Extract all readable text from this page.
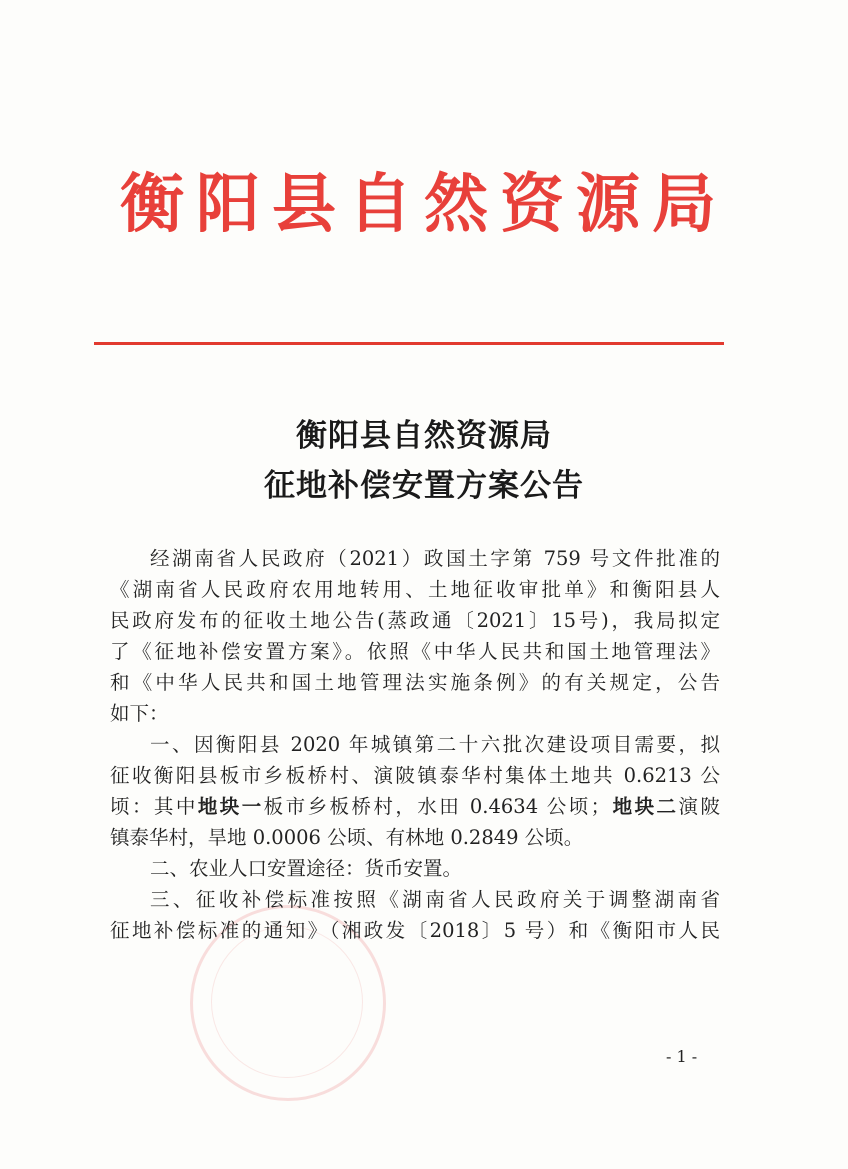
衡阳县自然资源局
衡阳县自然资源局
征地补偿安置方案公告
经湖南省人民政府（2021）政国土字第 759 号文件批准的
《湖南省人民政府农用地转用、土地征收审批单》和衡阳县人
民政府发布的征收土地公告(蒸政通〔2021〕15号)，我局拟定
了《征地补偿安置方案》。依照《中华人民共和国土地管理法》
和《中华人民共和国土地管理法实施条例》的有关规定，公告
如下：
一、因衡阳县 2020 年城镇第二十六批次建设项目需要，拟
征收衡阳县板市乡板桥村、演陂镇泰华村集体土地共 0.6213 公
顷：其中地块一板市乡板桥村，水田 0.4634 公顷；地块二演陂
镇泰华村，旱地 0.0006 公顷、有林地 0.2849 公顷。
二、农业人口安置途径：货币安置。
三、征收补偿标准按照《湖南省人民政府关于调整湖南省
征地补偿标准的通知》（湘政发〔2018〕5 号）和《衡阳市人民
- 1 -
